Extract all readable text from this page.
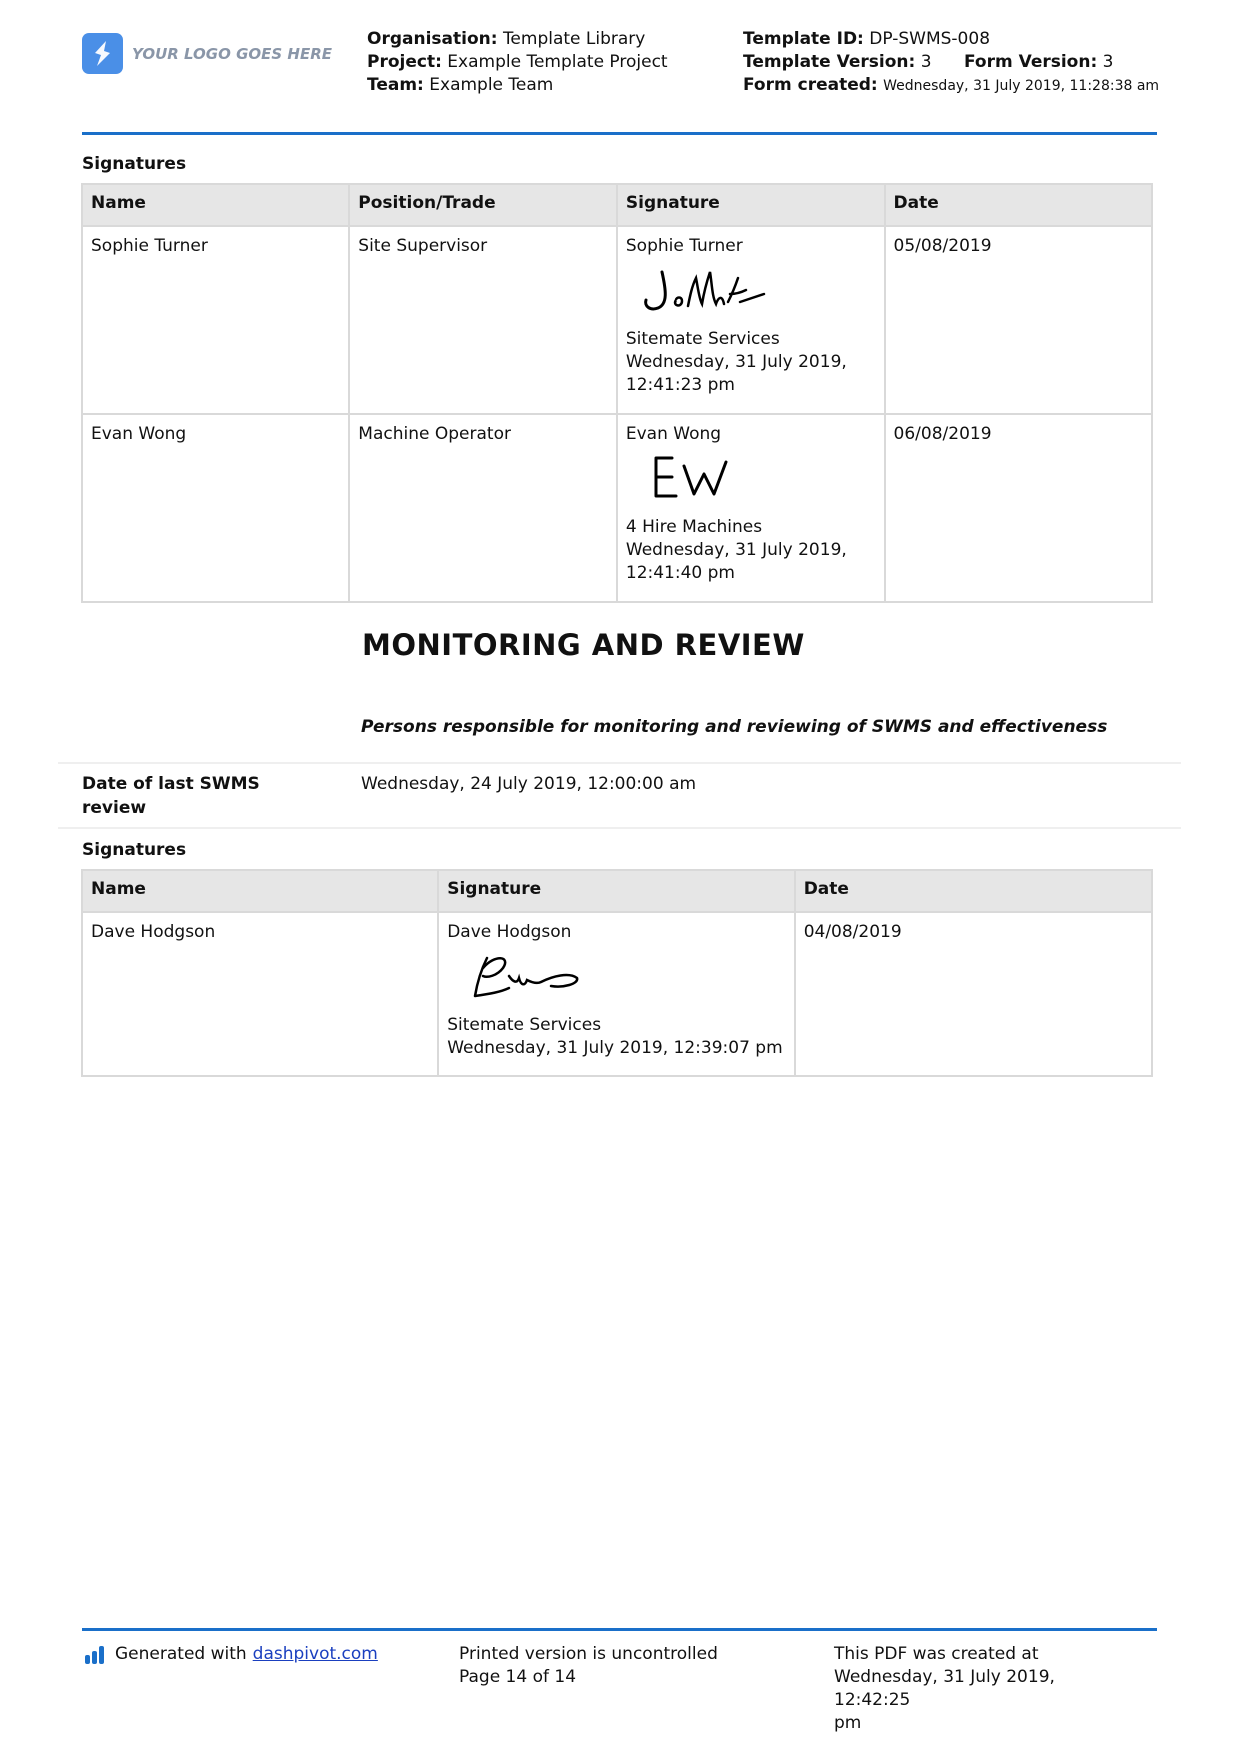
YOUR LOGO GOES HERE
Organisation: Template Library
Project: Example Template Project
Team: Example Team
Template ID: DP-SWMS-008
Template Version: 3 Form Version: 3
Form created: Wednesday, 31 July 2019, 11:28:38 am
Signatures
Name	Position/Trade	Signature	Date
Sophie Turner	Site Supervisor	Sophie Turner
Sitemate Services
Wednesday, 31 July 2019,
12:41:23 pm	05/08/2019
Evan Wong	Machine Operator	Evan Wong
4 Hire Machines
Wednesday, 31 July 2019,
12:41:40 pm	06/08/2019
MONITORING AND REVIEW
Persons responsible for monitoring and reviewing of SWMS and effectiveness
Date of last SWMS review
Wednesday, 24 July 2019, 12:00:00 am
Signatures
Name	Signature	Date
Dave Hodgson	Dave Hodgson
Sitemate Services
Wednesday, 31 July 2019, 12:39:07 pm	04/08/2019
Generated with dashpivot.com	Printed version is uncontrolled
Page 14 of 14
This PDF was created at
Wednesday, 31 July 2019, 12:42:25
pm
